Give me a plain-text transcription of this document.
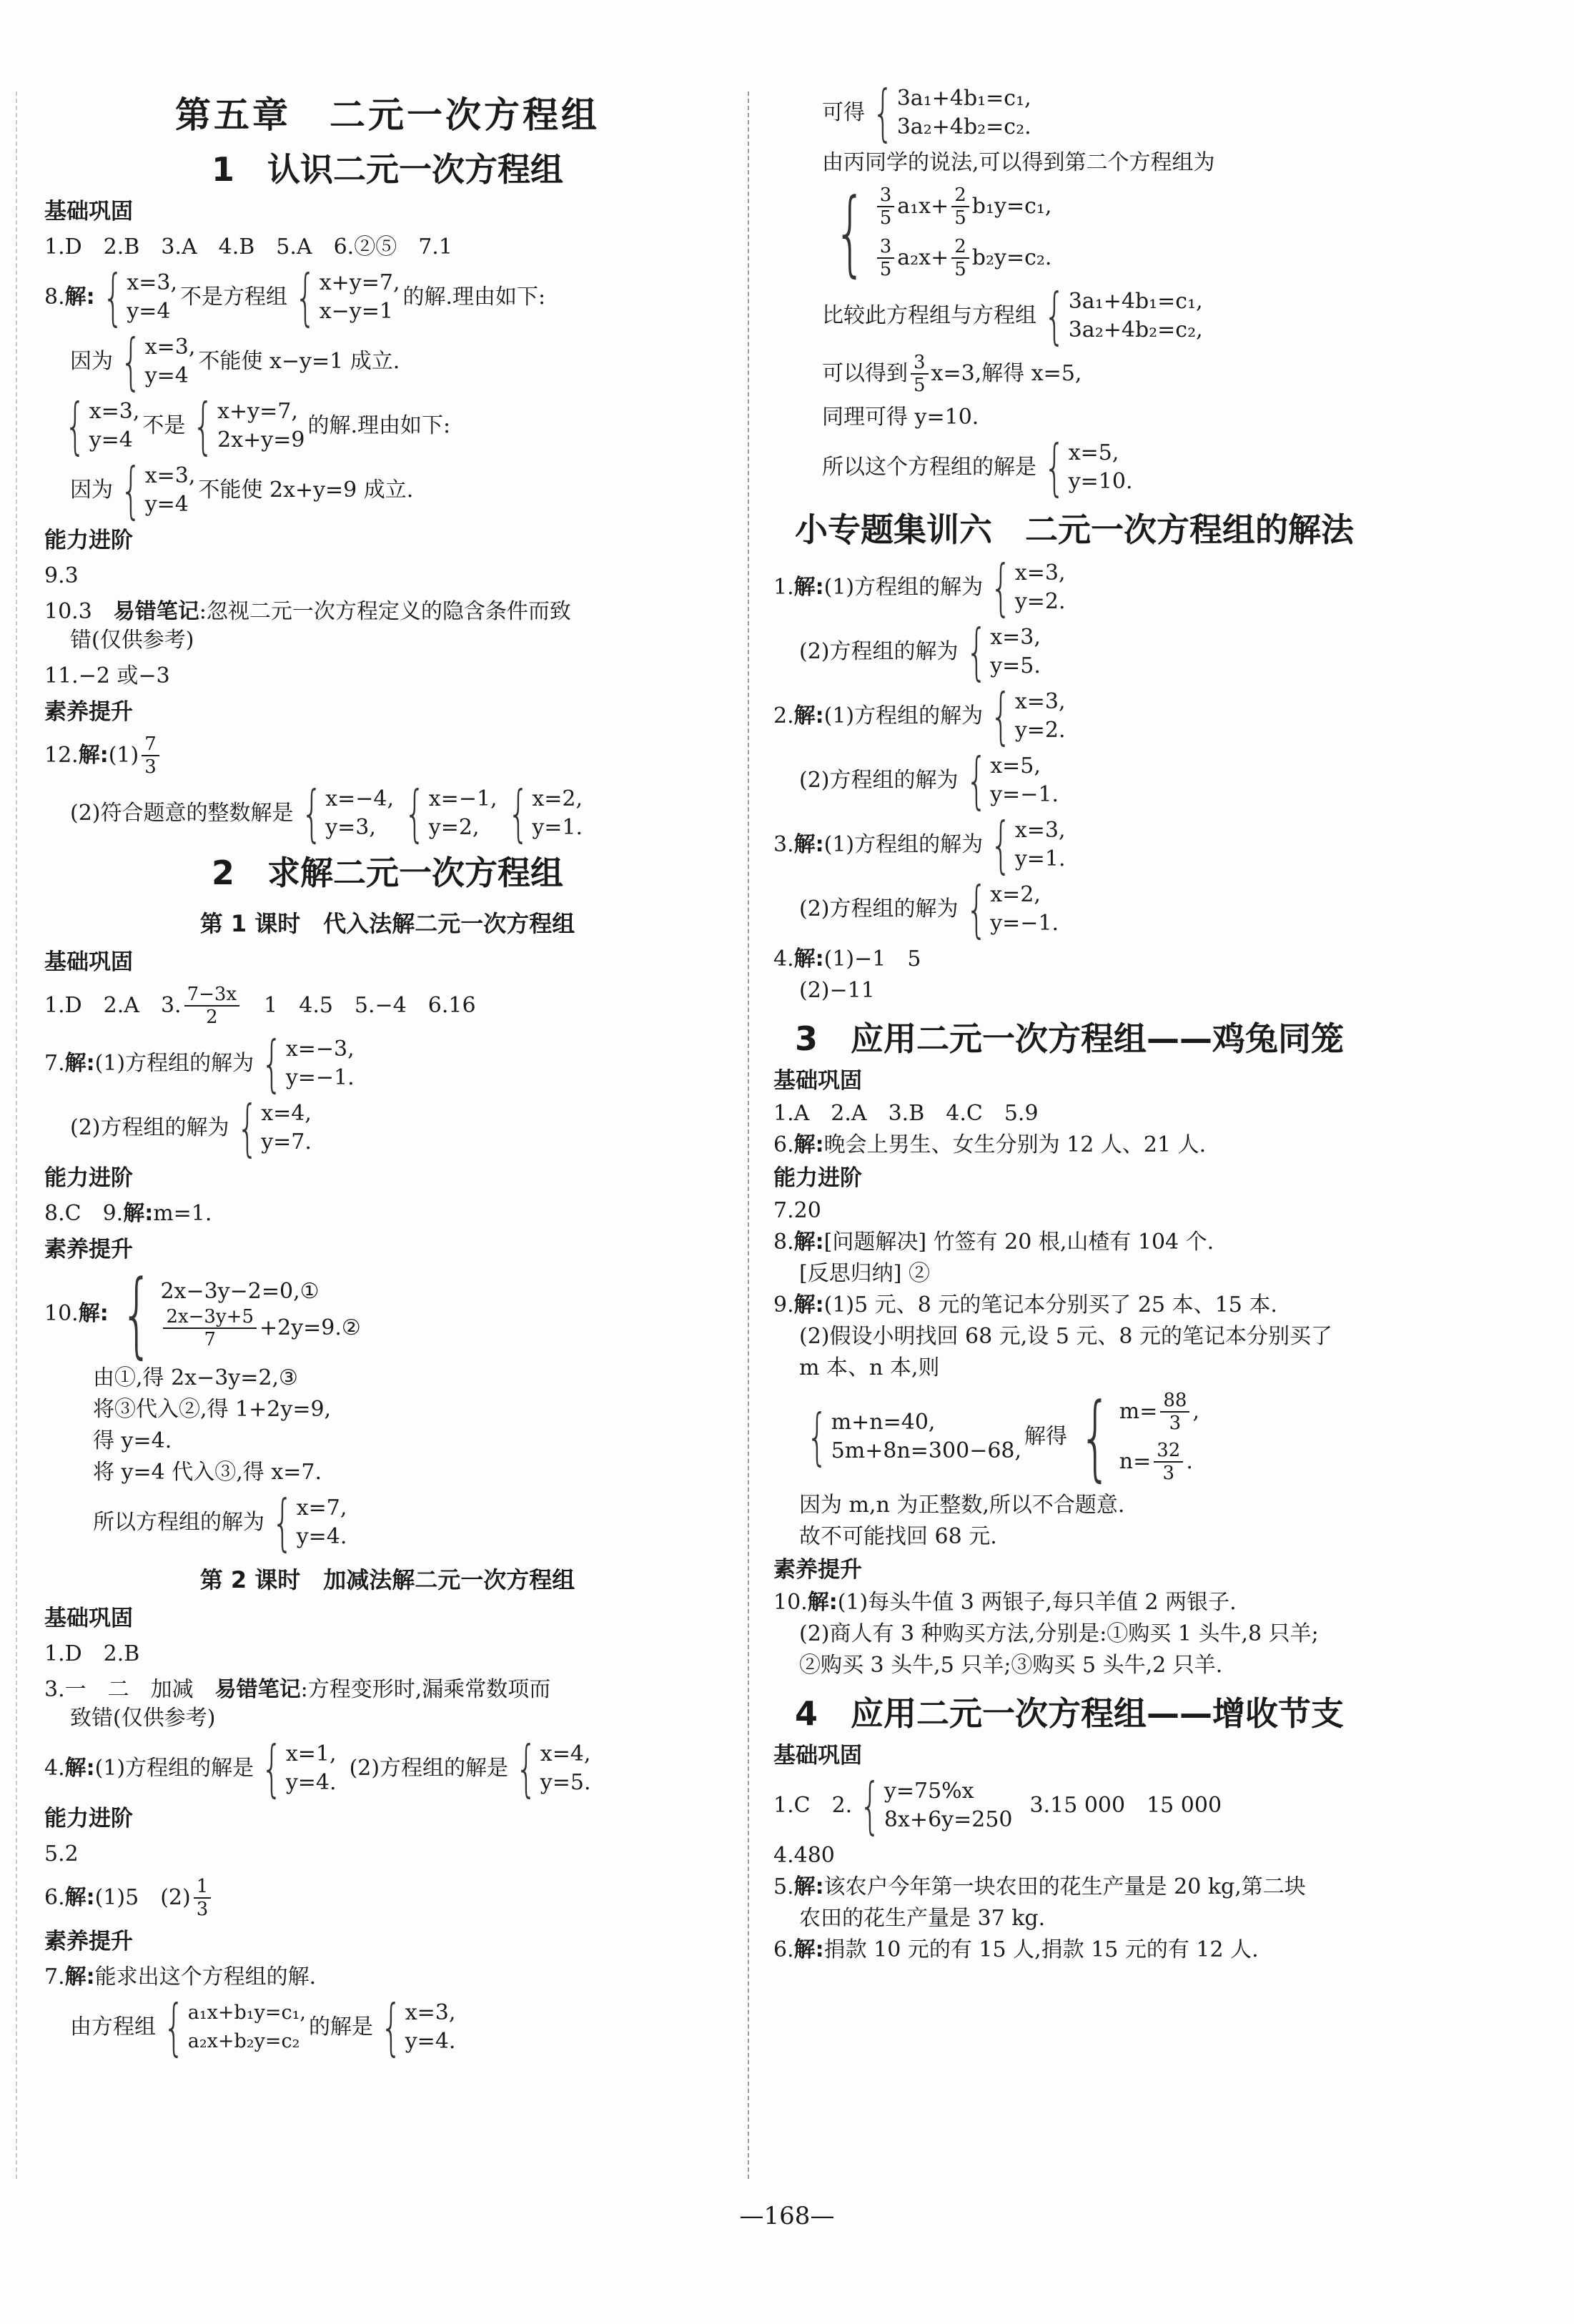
第五章　二元一次方程组
1　认识二元一次方程组
基础巩固
1.D　2.B　3.A　4.B　5.A　6.②⑤　7.1
8. 解: { x=3,
y=4
不是方程组 { x+y=7,
x−y=1
的解.理由如下:
因为 { x=3,
y=4
不能使 x−y=1 成立.
{ x=3,
y=4
不是 { x+y=7,
2x+y=9
的解.理由如下:
因为 { x=3,
y=4
不能使 2x+y=9 成立.
能力进阶
9.3
10.3　易错笔记:忽视二元一次方程定义的隐含条件而致
错(仅供参考)
11.−2 或−3
素养提升
12. 解: $(1) \frac{7}{3}$
(2)符合题意的整数解是 { x=−4,
y=3, { x=−1,
y=2, { x=2,
y=1.
2　求解二元一次方程组
第 1 课时　代入法解二元一次方程组
基础巩固
1.D　2.A　3. $\frac{7-3x}{2}$ 　1　4.5　5.−4　6.16
7. 解: (1)方程组的解为 { x=−3,
y=−1.
(2)方程组的解为 { x=4,
y=7.
能力进阶
8.C　9.解:m=1.
素养提升
10. 解: { 2x−3y−2=0,①
$\frac{2x-3y+5}{7}$ +2y=9.②
由①,得 2x−3y=2,③
将③代入②,得 1+2y=9,
得 y=4.
将 y=4 代入③,得 x=7.
所以方程组的解为 { x=7,
y=4.
第 2 课时　加减法解二元一次方程组
基础巩固
1.D　2.B
3.一　二　加减　易错笔记:方程变形时,漏乘常数项而
致错(仅供参考)
4. 解: (1)方程组的解是 { x=1,
y=4.
(2)方程组的解是 { x=4,
y=5.
能力进阶
5.2
6. 解: (1)5　$(2) \frac{1}{3}$
素养提升
7.解:能求出这个方程组的解.
由方程组 { a₁x+b₁y=c₁,
a₂x+b₂y=c₂
的解是 { x=3,
y=4.
可得 { 3a₁+4b₁=c₁,
3a₂+4b₂=c₂.
由丙同学的说法,可以得到第二个方程组为
{ $\frac{3}{5} a_1x+ \frac{2}{5} b_1y=c_1$,
$\frac{3}{5} a_2x+ \frac{2}{5} b_2y=c_2$.
比较此方程组与方程组 { 3a₁+4b₁=c₁,
3a₂+4b₂=c₂,
可以得到 $\frac{3}{5} x=3$,解得 x=5,
同理可得 y=10.
所以这个方程组的解是 { x=5,
y=10.
小专题集训六　二元一次方程组的解法
1. 解: (1)方程组的解为 { x=3,
y=2.
(2)方程组的解为 { x=3,
y=5.
2. 解: (1)方程组的解为 { x=3,
y=2.
(2)方程组的解为 { x=5,
y=−1.
3. 解: (1)方程组的解为 { x=3,
y=1.
(2)方程组的解为 { x=2,
y=−1.
4.解:(1)−1　5
(2)−11
3　应用二元一次方程组——鸡兔同笼
基础巩固
1.A　2.A　3.B　4.C　5.9
6.解:晚会上男生、女生分别为 12 人、21 人.
能力进阶
7.20
8.解:[问题解决] 竹签有 20 根,山楂有 104 个.
[反思归纳] ②
9.解:(1)5 元、8 元的笔记本分别买了 25 本、15 本.
(2)假设小明找回 68 元,设 5 元、8 元的笔记本分别买了
m 本、n 本,则
{ m+n=40,
5m+8n=300−68,
解得 { $m= \frac{88}{3}$ ,
$n= \frac{32}{3}$ .
因为 m,n 为正整数,所以不合题意.
故不可能找回 68 元.
素养提升
10.解:(1)每头牛值 3 两银子,每只羊值 2 两银子.
(2)商人有 3 种购买方法,分别是:①购买 1 头牛,8 只羊;
②购买 3 头牛,5 只羊;③购买 5 头牛,2 只羊.
4　应用二元一次方程组——增收节支
基础巩固
1.C　2. { y=75%x
8x+6y=250
3.15 000　15 000
4.480
5.解:该农户今年第一块农田的花生产量是 20 kg,第二块
农田的花生产量是 37 kg.
6.解:捐款 10 元的有 15 人,捐款 15 元的有 12 人.
—168—
